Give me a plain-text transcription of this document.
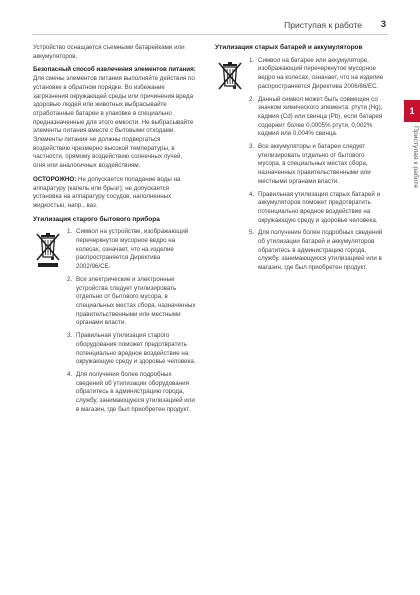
Приступая к работе 3
1
Приступая к работе

Устройство оснащается съемными батарейками или аккумуляторов.

Безопасный способ извлечения элементов питания: Для смены элементов питания выполняйте действия по установке в обратном порядке. Во избежание загрязнения окружающей среды или причинения вреда здоровью людей или животных выбрасывайте отработанные батареи в упаковке в специально предназначенные для этого емкости. Не выбрасывайте элементы питания вместе с бытовыми отходами. Элементы питания не должны подвергаться воздействию чрезмерно высокой температуры, в частности, прямому воздействию солнечных лучей, огня или аналогичных воздействиям.

ОСТОРОЖНО: Не допускается попадание воды на аппаратуру (капель или брызг); не допускается установка на аппаратуру сосудов, наполненных жидкостью, напр., ваз.

Утилизация старого бытового прибора

1. Символ на устройстве, изображающий перечеркнутое мусорное ведро на колесах, означает, что на изделие распространяется Директива 2002/96/CE.
2. Все электрические и электронные устройства следует утилизировать отдельно от бытового мусора, в специальных местах сбора, назначенных правительственными или местными органами власти.
3. Правильная утилизация старого оборудования поможет предотвратить потенциально вредное воздействие на окружающую среду и здоровье человека.
4. Для получения более подробных сведений об утилизации оборудования обратитесь в администрацию города, службу, занимающуюся утилизацией или в магазин, где был приобретен продукт.

Утилизация старых батарей и аккумуляторов

1. Символ на батарее или аккумуляторе, изображающий перечеркнутое мусорное ведро на колесах, означает, что на изделие распространяется Директива 2006/66/EC.
2. Данный символ может быть совмещен со значком химического элемента: ртути (Hg), кадмия (Cd) или свинца (Pb), если батарея содержит более 0,0005% ртути, 0,002% кадмия или 0,004% свинца.
3. Все аккумуляторы и батареи следует утилизировать отдельно от бытового мусора, в специальных местах сбора, назначенных правительственными или местными органами власти.
4. Правильная утилизация старых батарей и аккумуляторов поможет предотвратить потенциально вредное воздействие на окружающую среду и здоровье человека.
5. Для получения более подробных сведений об утилизации батарей и аккумуляторов обратитесь в администрацию города, службу, занимающуюся утилизацией или в магазин, где был приобретен продукт.
